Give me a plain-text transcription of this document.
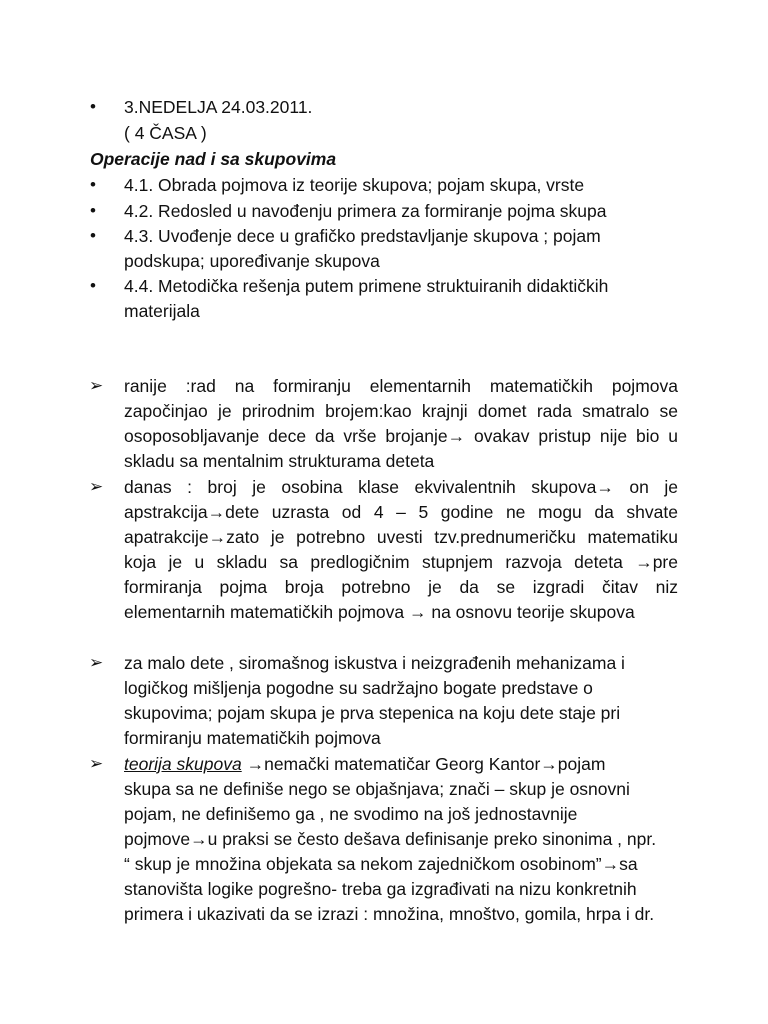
• 3.NEDELJA 24.03.2011.
( 4 ČASA )
Operacije nad i sa skupovima
• 4.1. Obrada pojmova iz teorije skupova; pojam skupa, vrste
• 4.2. Redosled u navođenju primera za formiranje pojma skupa
• 4.3. Uvođenje dece u grafičko predstavljanje skupova ; pojam
podskupa; upoređivanje skupova
• 4.4. Metodička rešenja putem primene struktuiranih didaktičkih
materijala
➢ ranije :rad na formiranju elementarnih matematičkih pojmova
započinjao je prirodnim brojem:kao krajnji domet rada smatralo se
osoposobljavanje dece da vrše brojanje→ ovakav pristup nije bio u
skladu sa mentalnim strukturama deteta
➢ danas : broj je osobina klase ekvivalentnih skupova→ on je
apstrakcija→dete uzrasta od 4 – 5 godine ne mogu da shvate
apatrakcije→zato je potrebno uvesti tzv.prednumeričku matematiku
koja je u skladu sa predlogičnim stupnjem razvoja deteta →pre
formiranja pojma broja potrebno je da se izgradi čitav niz
elementarnih matematičkih pojmova → na osnovu teorije skupova
➢ za malo dete , siromašnog iskustva i neizgrađenih mehanizama i
logičkog mišljenja pogodne su sadržajno bogate predstave o
skupovima; pojam skupa je prva stepenica na koju dete staje pri
formiranju matematičkih pojmova
➢ teorija skupova →nemački matematičar Georg Kantor→pojam
skupa sa ne definiše nego se objašnjava; znači – skup je osnovni
pojam, ne definišemo ga , ne svodimo na još jednostavnije
pojmove→u praksi se često dešava definisanje preko sinonima , npr.
“ skup je množina objekata sa nekom zajedničkom osobinom”→sa
stanovišta logike pogrešno- treba ga izgrađivati na nizu konkretnih
primera i ukazivati da se izrazi : množina, mnoštvo, gomila, hrpa i dr.
